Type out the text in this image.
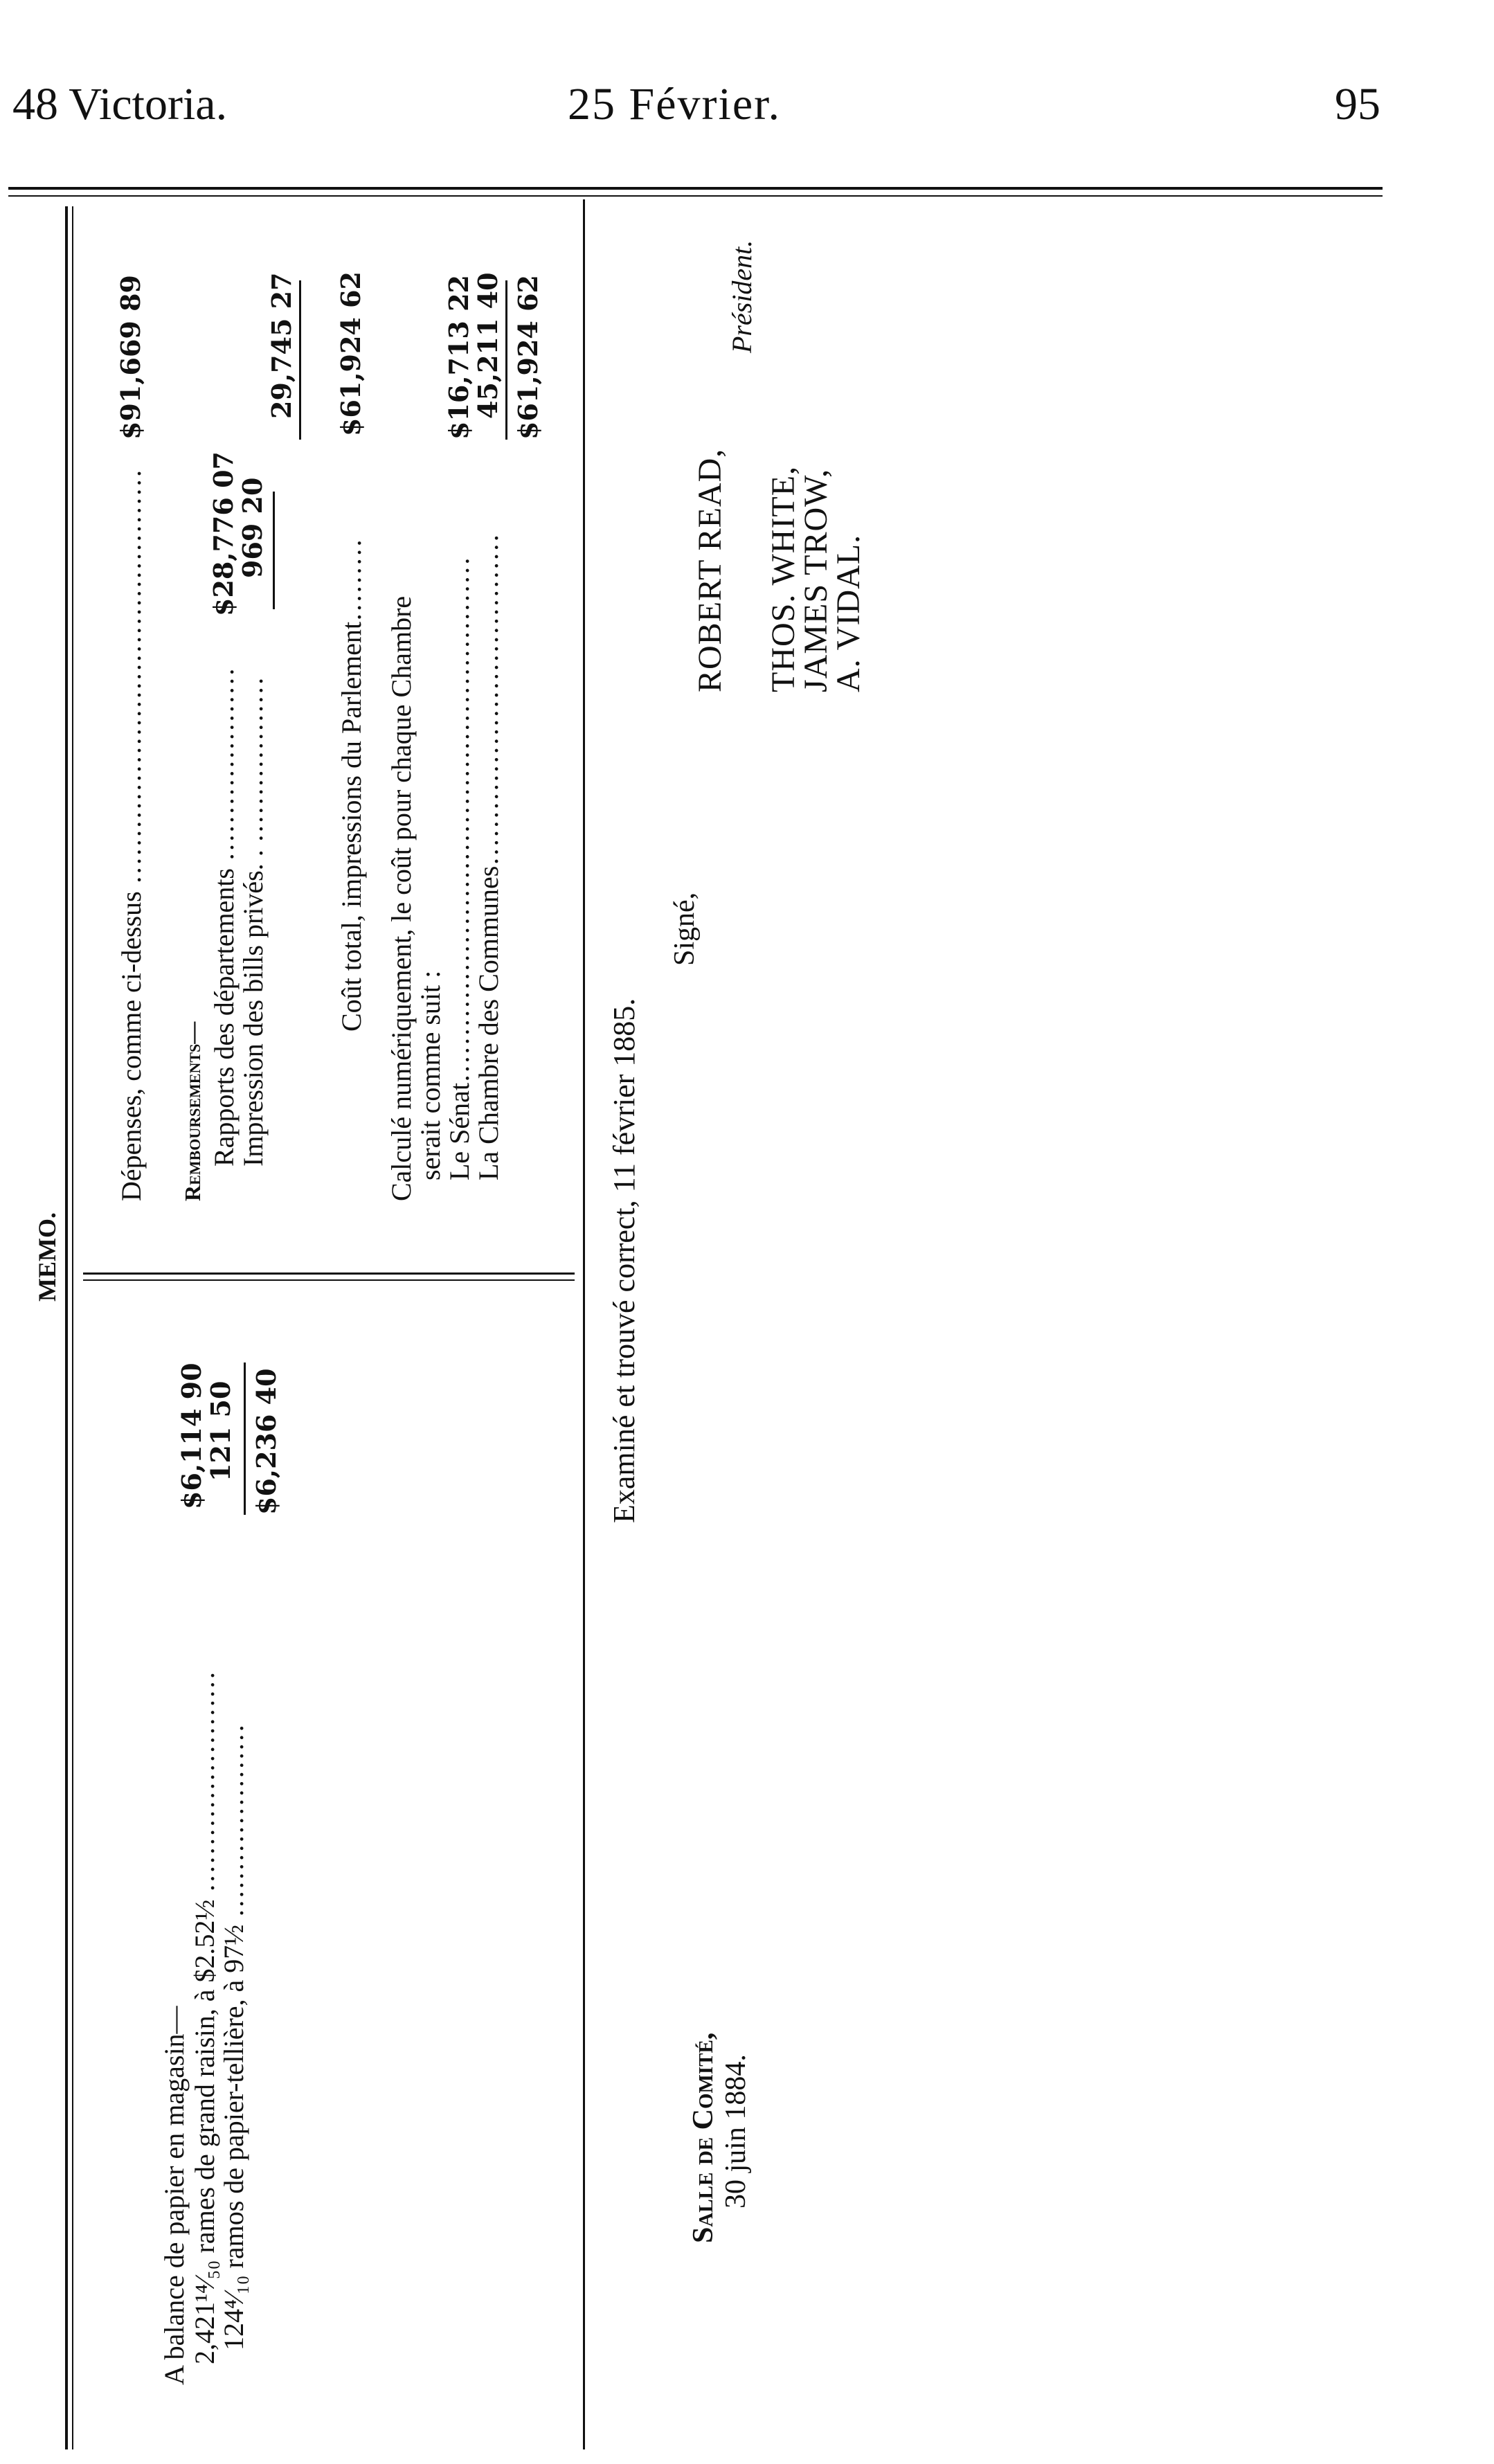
48 Victoria.	25 Février.	95
MEMO.
A balance de papier en magasin— 2,421¹⁴⁄₅₀ rames de grand raisin, à $2.52½ ……………………
124⁴⁄₁₀ ramos de papier-tellière, à 97½ …………………
$6,114 90
121 50 $6,236 40
Dépenses, comme ci-dessus ………………………………………
$91,669 89
Remboursements— Rapports des départements …………………
$28,776 07
Impression des bills privés. . ………………
969 20
29,745 27
Coût total, impressions du Parlement………
$61,924 62
Calculé numériquement, le coût pour chaque Chambre
serait comme suit :
Le Sénat…………………………………………………
$16,713 22
La Chambre des Communes………………………………
45,211 40 $61,924 62
Examiné et trouvé correct, 11 février 1885.
Signé,
ROBERT READ,
Président.
THOS. WHITE,
JAMES TROW,
A. VIDAL.
Salle de Comité, 30 juin 1884.
